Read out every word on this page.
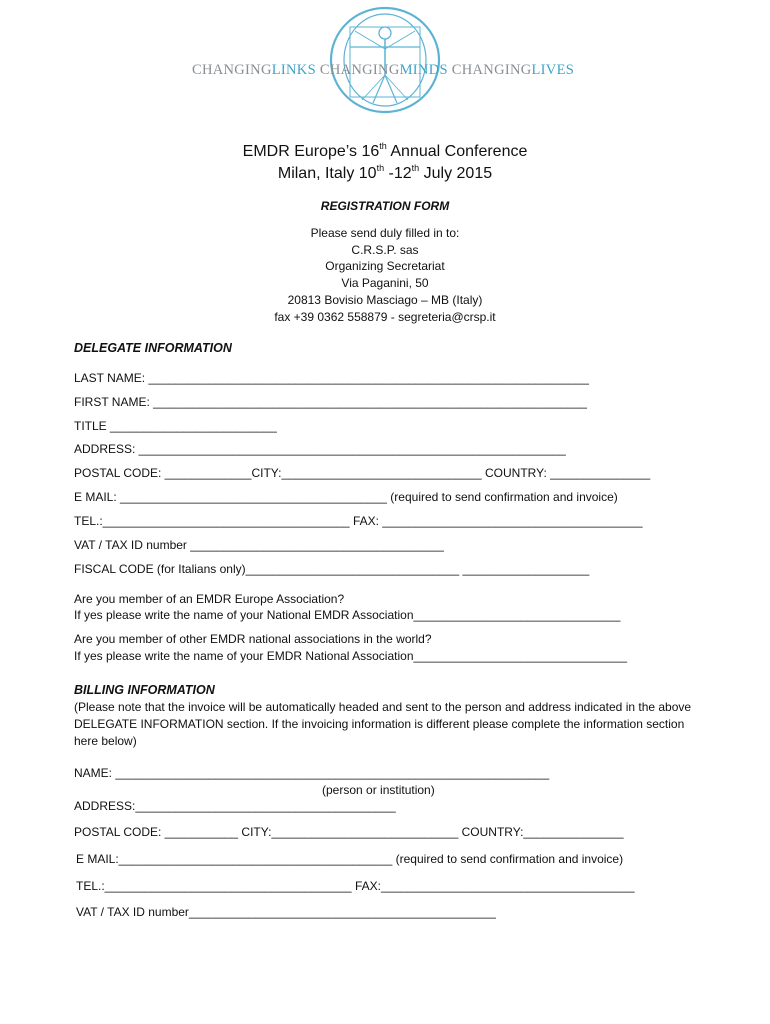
CHANGINGLINKS CHANGINGMINDS CHANGINGLIVES
EMDR Europe’s 16th Annual Conference
Milan, Italy 10th -12th July 2015
REGISTRATION FORM
Please send duly filled in to:
C.R.S.P. sas
Organizing Secretariat
Via Paganini, 50
20813 Bovisio Masciago – MB (Italy)
fax +39 0362 558879 - segreteria@crsp.it
DELEGATE INFORMATION
LAST NAME: __________________________________________________________________
FIRST NAME: _________________________________________________________________
TITLE _________________________
ADDRESS: ________________________________________________________________
POSTAL CODE: _____________CITY:______________________________ COUNTRY: _______________
E MAIL: ________________________________________ (required to send confirmation and invoice)
TEL.:_____________________________________ FAX: _______________________________________
VAT / TAX ID number ______________________________________
FISCAL CODE (for Italians only)________________________________ ___________________
Are you member of an EMDR Europe Association?
If yes please write the name of your National EMDR Association_______________________________
Are you member of other EMDR national associations in the world?
If yes please write the name of your EMDR National Association________________________________
BILLING INFORMATION
(Please note that the invoice will be automatically headed and sent to the person and address indicated in the above DELEGATE INFORMATION section. If the invoicing information is different please complete the information section here below)
NAME: _________________________________________________________________
(person or institution)
ADDRESS:_______________________________________
POSTAL CODE: ___________ CITY:____________________________ COUNTRY:_______________
E MAIL:_________________________________________ (required to send confirmation and invoice)
TEL.:_____________________________________ FAX:______________________________________
VAT / TAX ID number______________________________________________
